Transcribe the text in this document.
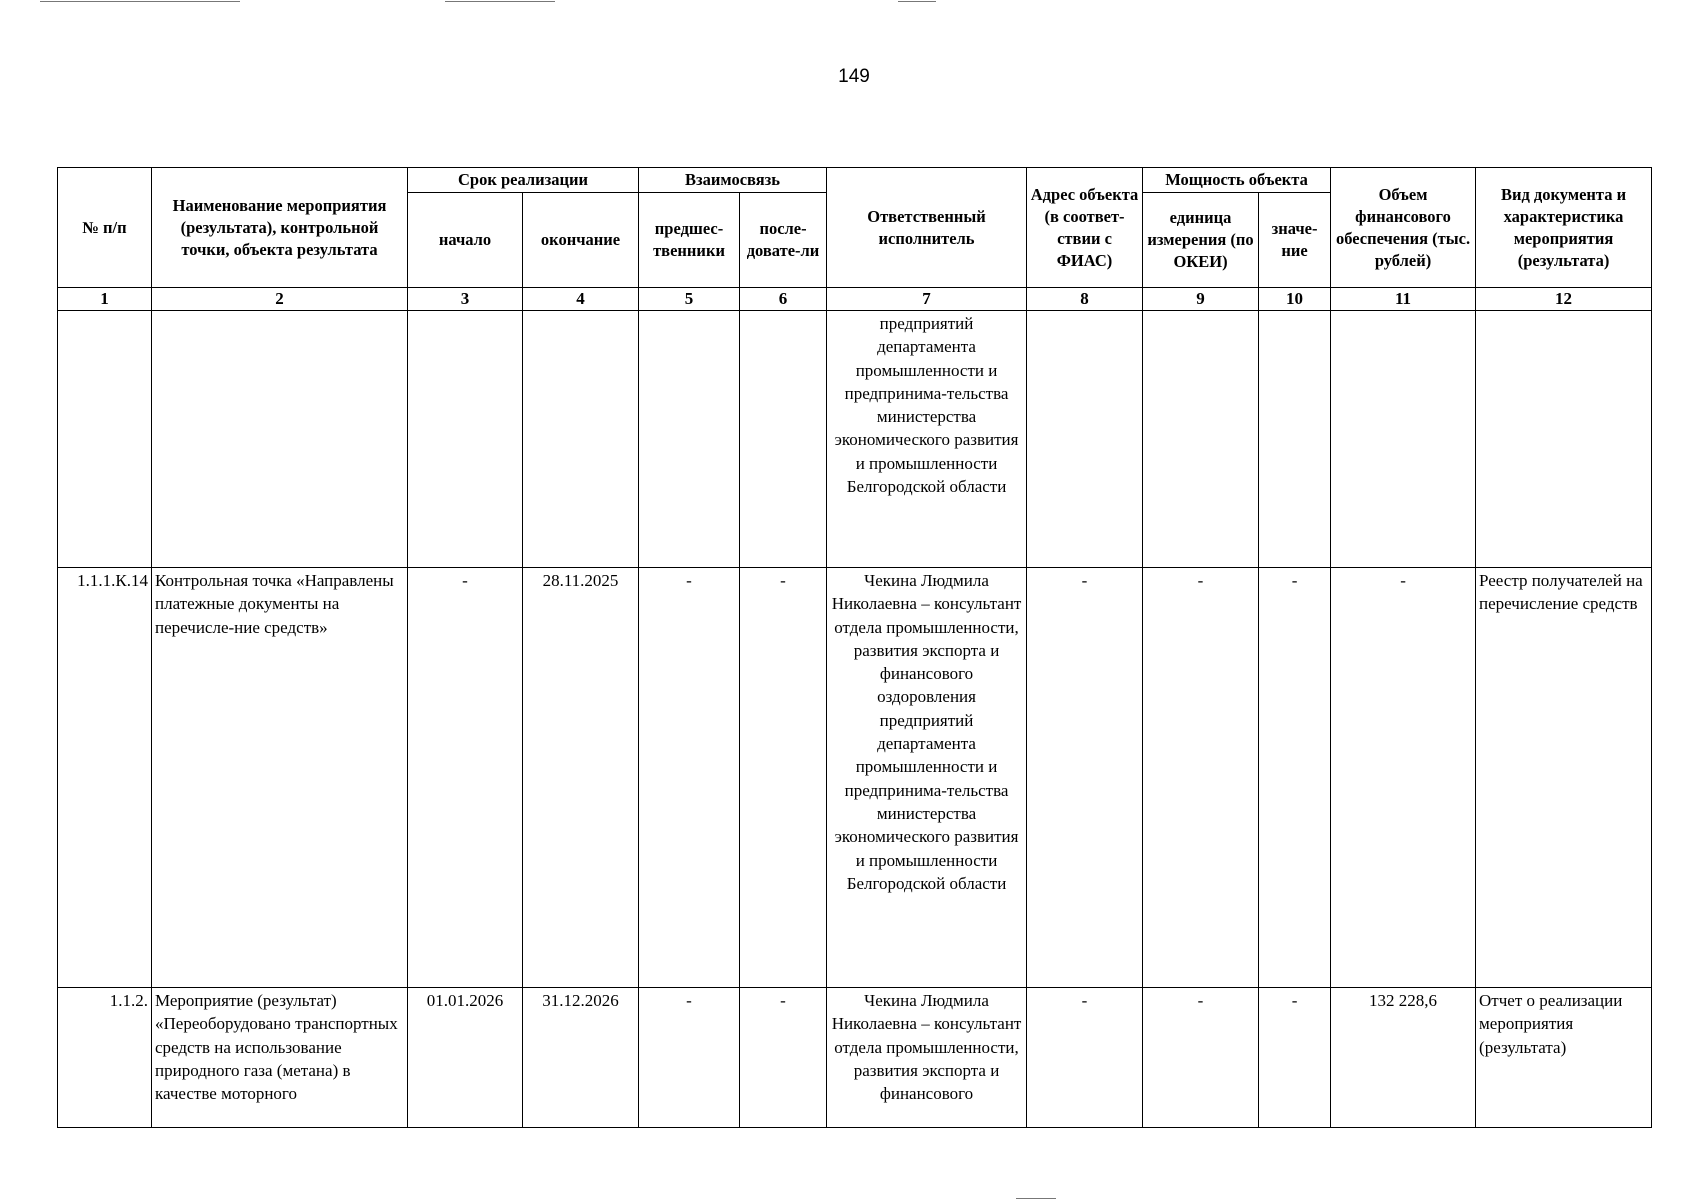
149
№ п/п	Наименование мероприятия (результата), контрольной точки, объекта результата	Срок реализации		Взаимосвязь		Ответственный исполнитель	Адрес объекта (в соответ-ствии с ФИАС)	Мощность объекта		Объем финансового обеспечения (тыс. рублей)	Вид документа и характеристика мероприятия (результата)
		начало	окончание	предшес-твенники	после-довате-ли			единица измерения (по ОКЕИ)	значе-ние		
1	2	3	4	5	6	7	8	9	10	11	12
						предприятий департамента промышленности и предпринима-тельства министерства экономического развития и промышленности Белгородской области					
1.1.1.К.14	Контрольная точка «Направлены платежные документы на перечисле-ние средств»	-	28.11.2025	-	-	Чекина Людмила Николаевна – консультант отдела промышленности, развития экспорта и финансового оздоровления предприятий департамента промышленности и предпринима-тельства министерства экономического развития и промышленности Белгородской области	-	-	-	-	Реестр получателей на перечисление средств
1.1.2.	Мероприятие (результат) «Переоборудовано транспортных средств на использование природного газа (метана) в качестве моторного	01.01.2026	31.12.2026	-	-	Чекина Людмила Николаевна – консультант отдела промышленности, развития экспорта и финансового	-	-	-	132 228,6	Отчет о реализации мероприятия (результата)
